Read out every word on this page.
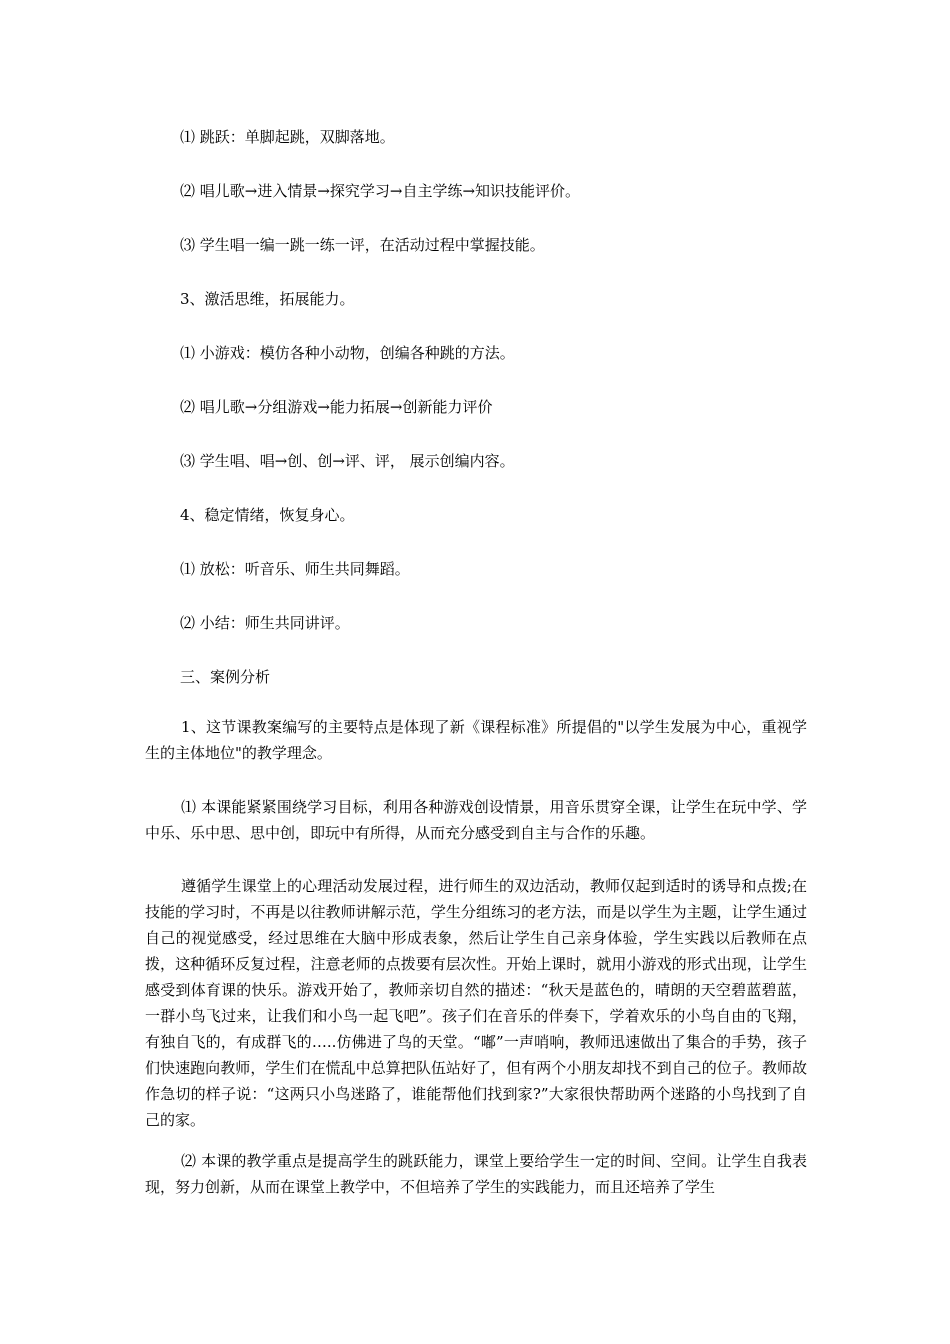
⑴ 跳跃：单脚起跳，双脚落地。
⑵ 唱儿歌→进入情景→探究学习→自主学练→知识技能评价。
⑶ 学生唱一编一跳一练一评，在活动过程中掌握技能。
3、激活思维，拓展能力。
⑴ 小游戏：模仿各种小动物，创编各种跳的方法。
⑵ 唱儿歌→分组游戏→能力拓展→创新能力评价
⑶ 学生唱、唱→创、创→评、评， 展示创编内容。
4、稳定情绪，恢复身心。
⑴ 放松：听音乐、师生共同舞蹈。
⑵ 小结：师生共同讲评。
三、案例分析
1、这节课教案编写的主要特点是体现了新《课程标准》所提倡的"以学生发展为中心，重视学生的主体地位"的教学理念。
⑴ 本课能紧紧围绕学习目标，利用各种游戏创设情景，用音乐贯穿全课，让学生在玩中学、学中乐、乐中思、思中创，即玩中有所得，从而充分感受到自主与合作的乐趣。
遵循学生课堂上的心理活动发展过程，进行师生的双边活动，教师仅起到适时的诱导和点拨;在技能的学习时，不再是以往教师讲解示范，学生分组练习的老方法，而是以学生为主题，让学生通过自己的视觉感受，经过思维在大脑中形成表象，然后让学生自己亲身体验，学生实践以后教师在点拨，这种循环反复过程，注意老师的点拨要有层次性。开始上课时，就用小游戏的形式出现，让学生感受到体育课的快乐。游戏开始了，教师亲切自然的描述：“秋天是蓝色的，晴朗的天空碧蓝碧蓝，一群小鸟飞过来，让我们和小鸟一起飞吧”。孩子们在音乐的伴奏下，学着欢乐的小鸟自由的飞翔，有独自飞的，有成群飞的…..仿佛进了鸟的天堂。“嘟”一声哨响，教师迅速做出了集合的手势，孩子们快速跑向教师，学生们在慌乱中总算把队伍站好了，但有两个小朋友却找不到自己的位子。教师故作急切的样子说：“这两只小鸟迷路了，谁能帮他们找到家?”大家很快帮助两个迷路的小鸟找到了自己的家。
⑵ 本课的教学重点是提高学生的跳跃能力，课堂上要给学生一定的时间、空间。让学生自我表现，努力创新，从而在课堂上教学中，不但培养了学生的实践能力，而且还培养了学生
